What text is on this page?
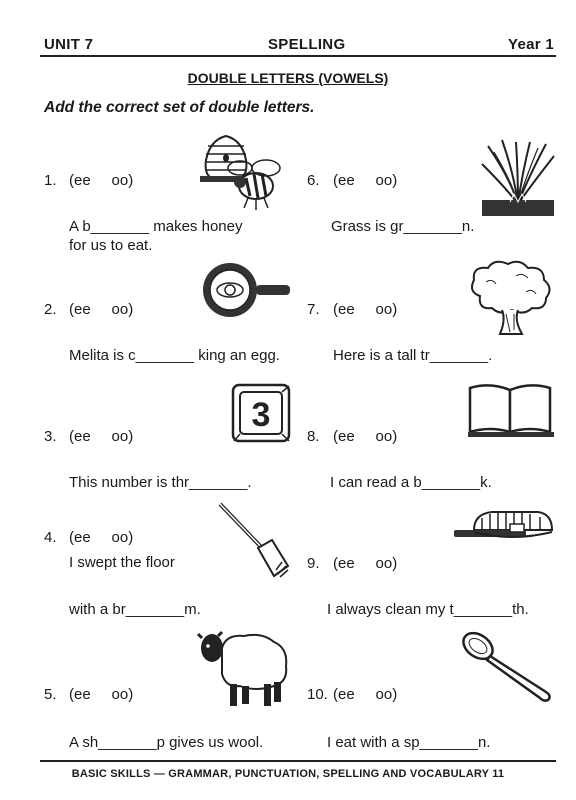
UNIT 7	SPELLING	Year 1
DOUBLE LETTERS (VOWELS)
Add the correct set of double letters.
1. (ee     oo)
A b_______ makes honey
for us to eat.
2. (ee     oo)
Melita is c_______ king an egg.
3. (ee     oo)
This number is thr_______.
3
4. (ee     oo)
I swept the floor
with a br_______m.
5. (ee     oo)
A sh_______p gives us wool.
6. (ee     oo)
Grass is gr_______n.
7. (ee     oo)
Here is a tall tr_______.
8. (ee     oo)
I can read a b_______k.
9. (ee     oo)
I always clean my t_______th.
10. (ee     oo)
I eat with a sp_______n.
BASIC SKILLS — GRAMMAR, PUNCTUATION, SPELLING AND VOCABULARY 11
